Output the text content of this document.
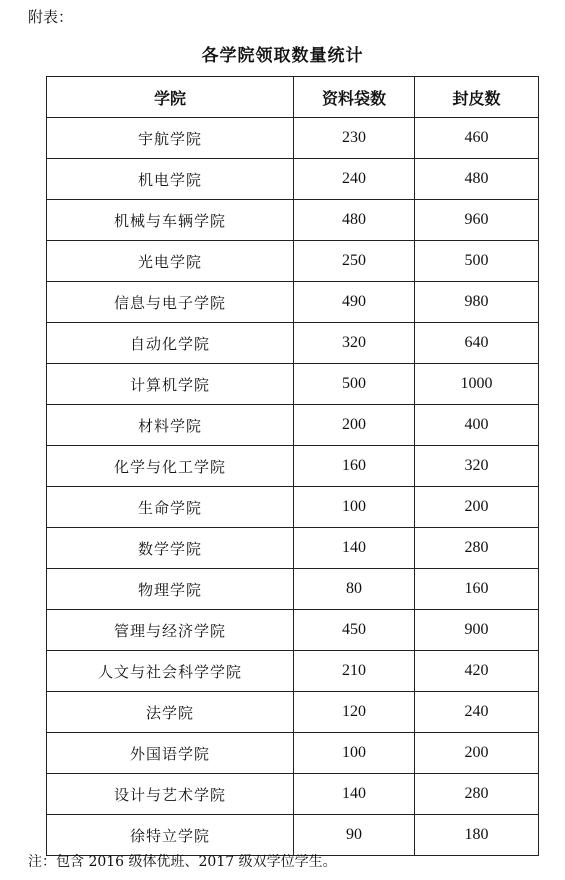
附表：
各学院领取数量统计
学院	资料袋数	封皮数
宇航学院	230	460
机电学院	240	480
机械与车辆学院	480	960
光电学院	250	500
信息与电子学院	490	980
自动化学院	320	640
计算机学院	500	1000
材料学院	200	400
化学与化工学院	160	320
生命学院	100	200
数学学院	140	280
物理学院	80	160
管理与经济学院	450	900
人文与社会科学学院	210	420
法学院	120	240
外国语学院	100	200
设计与艺术学院	140	280
徐特立学院	90	180
注：包含 2016 级体优班、2017 级双学位学生。
